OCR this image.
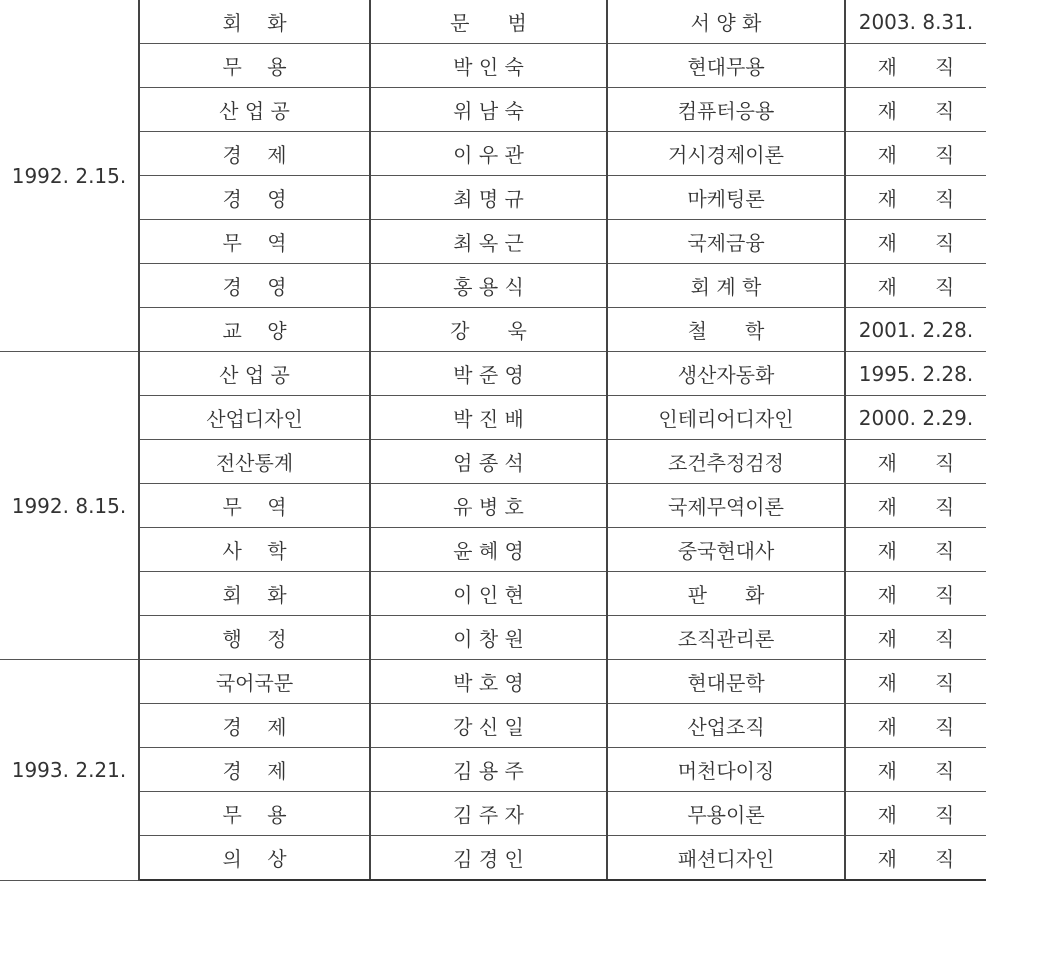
1992. 2.15.	회    화	문      범	서 양 화	2003. 8.31.
	무    용	박 인 숙	현대무용	재      직
	산 업 공	위 남 숙	컴퓨터응용	재      직
	경    제	이 우 관	거시경제이론	재      직
	경    영	최 명 규	마케팅론	재      직
	무    역	최 옥 근	국제금융	재      직
	경    영	홍 용 식	회 계 학	재      직
	교    양	강      욱	철      학	2001. 2.28.
1992. 8.15.	산 업 공	박 준 영	생산자동화	1995. 2.28.
	산업디자인	박 진 배	인테리어디자인	2000. 2.29.
	전산통계	엄 종 석	조건추정검정	재      직
	무    역	유 병 호	국제무역이론	재      직
	사    학	윤 혜 영	중국현대사	재      직
	회    화	이 인 현	판      화	재      직
	행    정	이 창 원	조직관리론	재      직
1993. 2.21.	국어국문	박 호 영	현대문학	재      직
	경    제	강 신 일	산업조직	재      직
	경    제	김 용 주	머천다이징	재      직
	무    용	김 주 자	무용이론	재      직
	의    상	김 경 인	패션디자인	재      직
